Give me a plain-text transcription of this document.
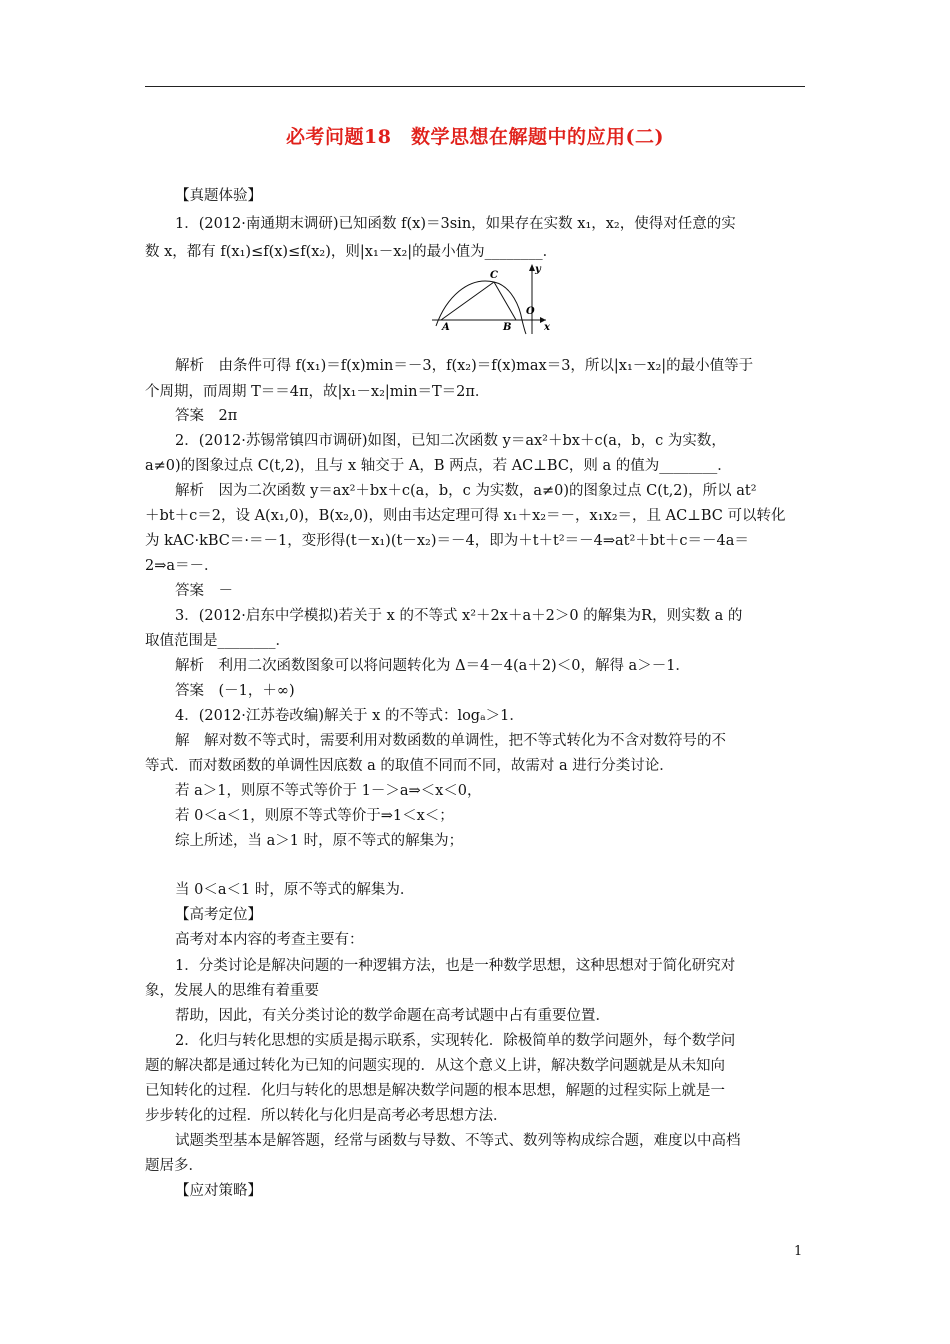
必考问题18　数学思想在解题中的应用(二)
【真题体验】
1．(2012·南通期末调研)已知函数 f(x)＝3sin，如果存在实数 x₁，x₂，使得对任意的实
数 x，都有 f(x₁)≤f(x)≤f(x₂)，则|x₁－x₂|的最小值为________．
C
y
O
A	B	x
解析　由条件可得 f(x₁)＝f(x)min＝－3，f(x₂)＝f(x)max＝3，所以|x₁－x₂|的最小值等于
个周期，而周期 T＝＝4π，故|x₁－x₂|min＝T＝2π．
答案　2π
2．(2012·苏锡常镇四市调研)如图，已知二次函数 y＝ax²＋bx＋c(a，b，c 为实数，
a≠0)的图象过点 C(t,2)，且与 x 轴交于 A，B 两点，若 AC⊥BC，则 a 的值为________．
解析　因为二次函数 y＝ax²＋bx＋c(a，b，c 为实数，a≠0)的图象过点 C(t,2)，所以 at²
＋bt＋c＝2，设 A(x₁,0)，B(x₂,0)，则由韦达定理可得 x₁＋x₂＝－，x₁x₂＝，且 AC⊥BC 可以转化
为 kAC·kBC＝·＝－1，变形得(t－x₁)(t－x₂)＝－4，即为＋t＋t²＝－4⇒at²＋bt＋c＝－4a＝
2⇒a＝－．
答案　－
3．(2012·启东中学模拟)若关于 x 的不等式 x²＋2x＋a＋2＞0 的解集为R，则实数 a 的
取值范围是________．
解析　利用二次函数图象可以将问题转化为 Δ＝4－4(a＋2)＜0，解得 a＞－1．
答案　(－1，＋∞)
4．(2012·江苏卷改编)解关于 x 的不等式：logₐ＞1．
解　解对数不等式时，需要利用对数函数的单调性，把不等式转化为不含对数符号的不
等式．而对数函数的单调性因底数 a 的取值不同而不同，故需对 a 进行分类讨论．
若 a＞1，则原不等式等价于 1－＞a⇒＜x＜0，
若 0＜a＜1，则原不等式等价于⇒1＜x＜；
综上所述，当 a＞1 时，原不等式的解集为；
当 0＜a＜1 时，原不等式的解集为．
【高考定位】
高考对本内容的考查主要有：
1．分类讨论是解决问题的一种逻辑方法，也是一种数学思想，这种思想对于简化研究对
象，发展人的思维有着重要
帮助，因此，有关分类讨论的数学命题在高考试题中占有重要位置．
2．化归与转化思想的实质是揭示联系，实现转化．除极简单的数学问题外，每个数学问
题的解决都是通过转化为已知的问题实现的．从这个意义上讲，解决数学问题就是从未知向
已知转化的过程．化归与转化的思想是解决数学问题的根本思想，解题的过程实际上就是一
步步转化的过程．所以转化与化归是高考必考思想方法．
试题类型基本是解答题，经常与函数与导数、不等式、数列等构成综合题，难度以中高档
题居多．
【应对策略】
1
